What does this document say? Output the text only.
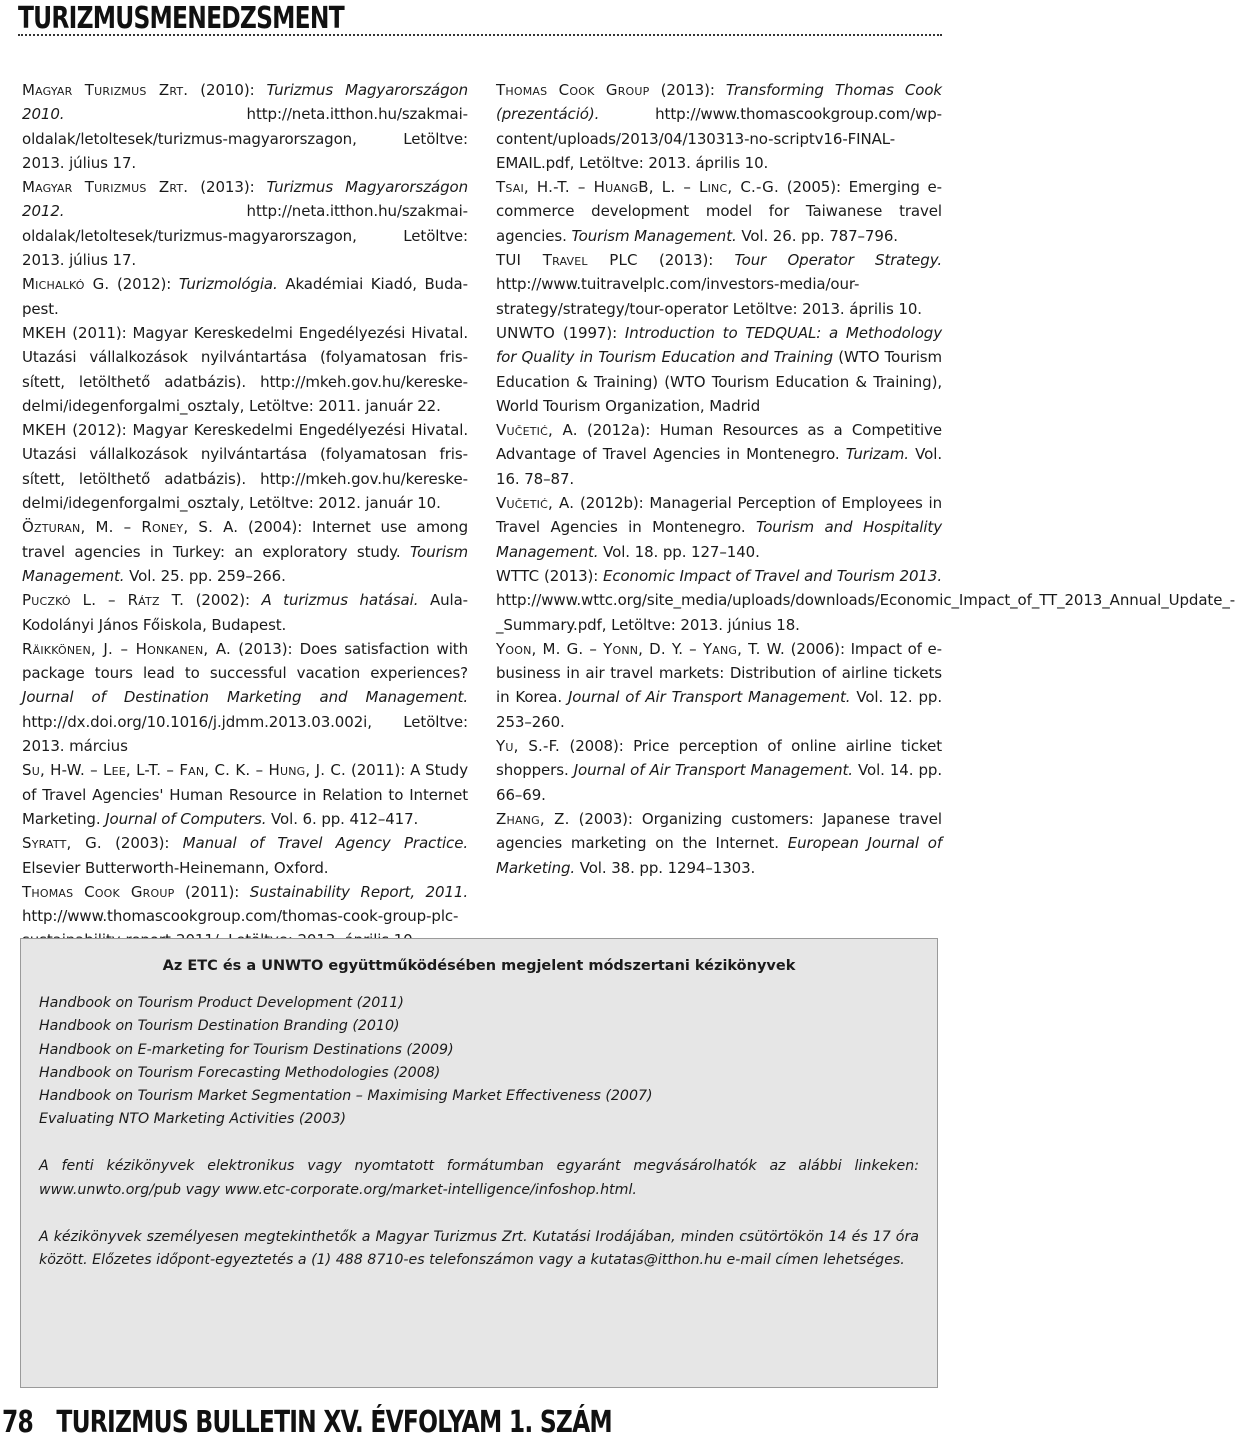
TURIZMUSMENEDZSMENT

Magyar Turizmus Zrt. (2010): Turizmus Magyarországon 2010. http://neta.itthon.hu/szakmai-oldalak/letoltesek/turizmus-magyarorszagon, Letöltve: 2013. július 17.

Magyar Turizmus Zrt. (2013): Turizmus Magyarországon 2012. http://neta.itthon.hu/szakmai-oldalak/letoltesek/turizmus-magyarorszagon, Letöltve: 2013. július 17.

Michalkó G. (2012): Turizmológia. Akadémiai Kiadó, Budapest.

MKEH (2011): Magyar Kereskedelmi Engedélyezési Hivatal. Utazási vállalkozások nyilvántartása (folyamatosan frissített, letölthető adatbázis). http://mkeh.gov.hu/kereskedelmi/idegenforgalmi_osztaly, Letöltve: 2011. január 22.

MKEH (2012): Magyar Kereskedelmi Engedélyezési Hivatal. Utazási vállalkozások nyilvántartása (folyamatosan frissített, letölthető adatbázis). http://mkeh.gov.hu/kereskedelmi/idegenforgalmi_osztaly, Letöltve: 2012. január 10.

Özturan, M. – Roney, S. A. (2004): Internet use among travel agencies in Turkey: an exploratory study. Tourism Management. Vol. 25. pp. 259–266.

Puczkó L. – Rátz T. (2002): A turizmus hatásai. Aula-Kodolányi János Főiskola, Budapest.

Räikkönen, J. – Honkanen, A. (2013): Does satisfaction with package tours lead to successful vacation experiences? Journal of Destination Marketing and Management. http://dx.doi.org/10.1016/j.jdmm.2013.03.002i, Letöltve: 2013. március

Su, H-W. – Lee, L-T. – Fan, C. K. – Hung, J. C. (2011): A Study of Travel Agencies' Human Resource in Relation to Internet Marketing. Journal of Computers. Vol. 6. pp. 412–417.

Syratt, G. (2003): Manual of Travel Agency Practice. Elsevier Butterworth-Heinemann, Oxford.

Thomas Cook Group (2011): Sustainability Report, 2011. http://www.thomascookgroup.com/thomas-cook-group-plc-

Thomas Cook Group (2013): Transforming Thomas Cook (prezentáció). http://www.thomascookgroup.com/wp-content/uploads/2013/04/130313-no-scriptv16-FINAL-EMAIL.pdf, Letöltve: 2013. április 10.

Tsai, H.-T. – HuangB, L. – Linc, C.-G. (2005): Emerging e-commerce development model for Taiwanese travel agencies. Tourism Management. Vol. 26. pp. 787–796.

TUI Travel PLC (2013): Tour Operator Strategy. http://www.tuitravelplc.com/investors-media/our-strategy/strategy/tour-operator Letöltve: 2013. április 10.

UNWTO (1997): Introduction to TEDQUAL: a Methodology for Quality in Tourism Education and Training (WTO Tourism Education & Training) (WTO Tourism Education & Training), World Tourism Organization, Madrid

Vučetić, A. (2012a): Human Resources as a Competitive Advantage of Travel Agencies in Montenegro. Turizam. Vol. 16. 78–87.

Vučetić, A. (2012b): Managerial Perception of Employees in Travel Agencies in Montenegro. Tourism and Hospitality Management. Vol. 18. pp. 127–140.

WTTC (2013): Economic Impact of Travel and Tourism 2013. http://www.wttc.org/site_media/uploads/downloads/Economic_Impact_of_TT_2013_Annual_Update_-_Summary.pdf, Letöltve: 2013. június 18.

Yoon, M. G. – Yonn, D. Y. – Yang, T. W. (2006): Impact of e-business in air travel markets: Distribution of airline tickets in Korea. Journal of Air Transport Management. Vol. 12. pp. 253–260.

Yu, S.-F. (2008): Price perception of online airline ticket shoppers. Journal of Air Transport Management. Vol. 14. pp. 66–69.

Zhang, Z. (2003): Organizing customers: Japanese travel agencies marketing on the Internet. European Journal of Marketing. Vol. 38. pp. 1294–1303.

Az ETC és a UNWTO együttműködésében megjelent módszertani kézikönyvek

Handbook on Tourism Product Development (2011)
Handbook on Tourism Destination Branding (2010)
Handbook on E-marketing for Tourism Destinations (2009)
Handbook on Tourism Forecasting Methodologies (2008)
Handbook on Tourism Market Segmentation – Maximising Market Effectiveness (2007)
Evaluating NTO Marketing Activities (2003)

A fenti kézikönyvek elektronikus vagy nyomtatott formátumban egyaránt megvásárolhatók az alábbi linkeken: www.unwto.org/pub vagy www.etc-corporate.org/market-intelligence/infoshop.html.

A kézikönyvek személyesen megtekinthetők a Magyar Turizmus Zrt. Kutatási Irodájában, minden csütörtökön 14 és 17 óra között. Előzetes időpont-egyeztetés a (1) 488 8710-es telefonszámon vagy a kutatas@itthon.hu e-mail címen lehetséges.

78 TURIZMUS BULLETIN XV. ÉVFOLYAM 1. SZÁM
